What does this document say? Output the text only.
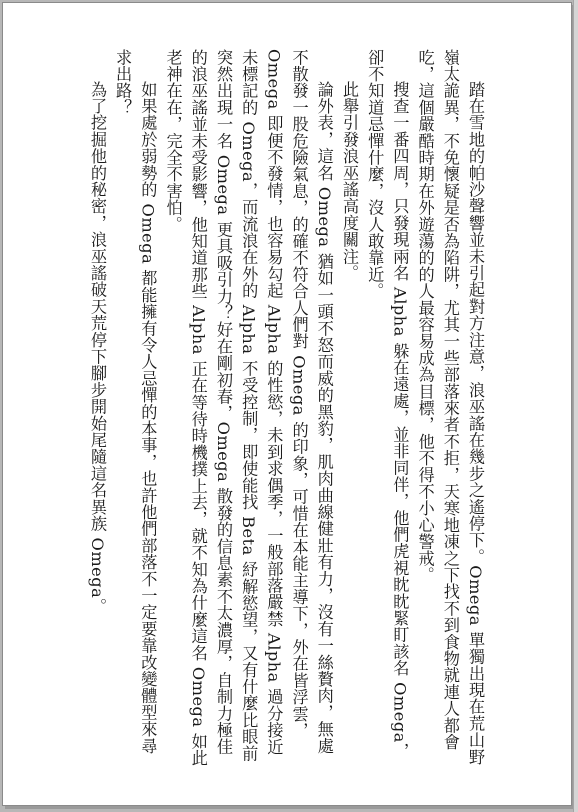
踏在雪地的帕沙聲響並未引起對方注意，浪巫謠在幾步之遙停下。Omega 單獨出現在荒山野嶺太詭異，不免懷疑是否為陷阱，尤其一些部落來者不拒，天寒地凍之下找不到食物就連人都會吃，這個嚴酷時期在外遊蕩的的人最容易成為目標，他不得不小心警戒。

搜查一番四周，只發現兩名 Alpha 躲在遠處，並非同伴，他們虎視眈眈緊盯該名 Omega，卻不知道忌憚什麼，沒人敢靠近。

此舉引發浪巫謠高度關注。

論外表，這名 Omega 猶如一頭不怒而威的黑豹，肌肉曲線健壯有力，沒有一絲贅肉，無處不散發一股危險氣息，的確不符合人們對 Omega 的印象，可惜在本能主導下，外在皆浮雲，Omega 即便不發情，也容易勾起 Alpha 的性慾，未到求偶季，一般部落嚴禁 Alpha 過分接近未標記的 Omega，而流浪在外的 Alpha 不受控制，即使能找 Beta 紓解慾望，又有什麼比眼前突然出現一名 Omega 更具吸引力？好在剛初春，Omega 散發的信息素不太濃厚，自制力極佳的浪巫謠並未受影響，他知道那些 Alpha 正在等待時機撲上去，就不知為什麼這名 Omega 如此老神在在，完全不害怕。

如果處於弱勢的 Omega 都能擁有令人忌憚的本事，也許他們部落不一定要靠改變體型來尋求出路？

為了挖掘他的秘密，浪巫謠破天荒停下腳步開始尾隨這名異族 Omega。
